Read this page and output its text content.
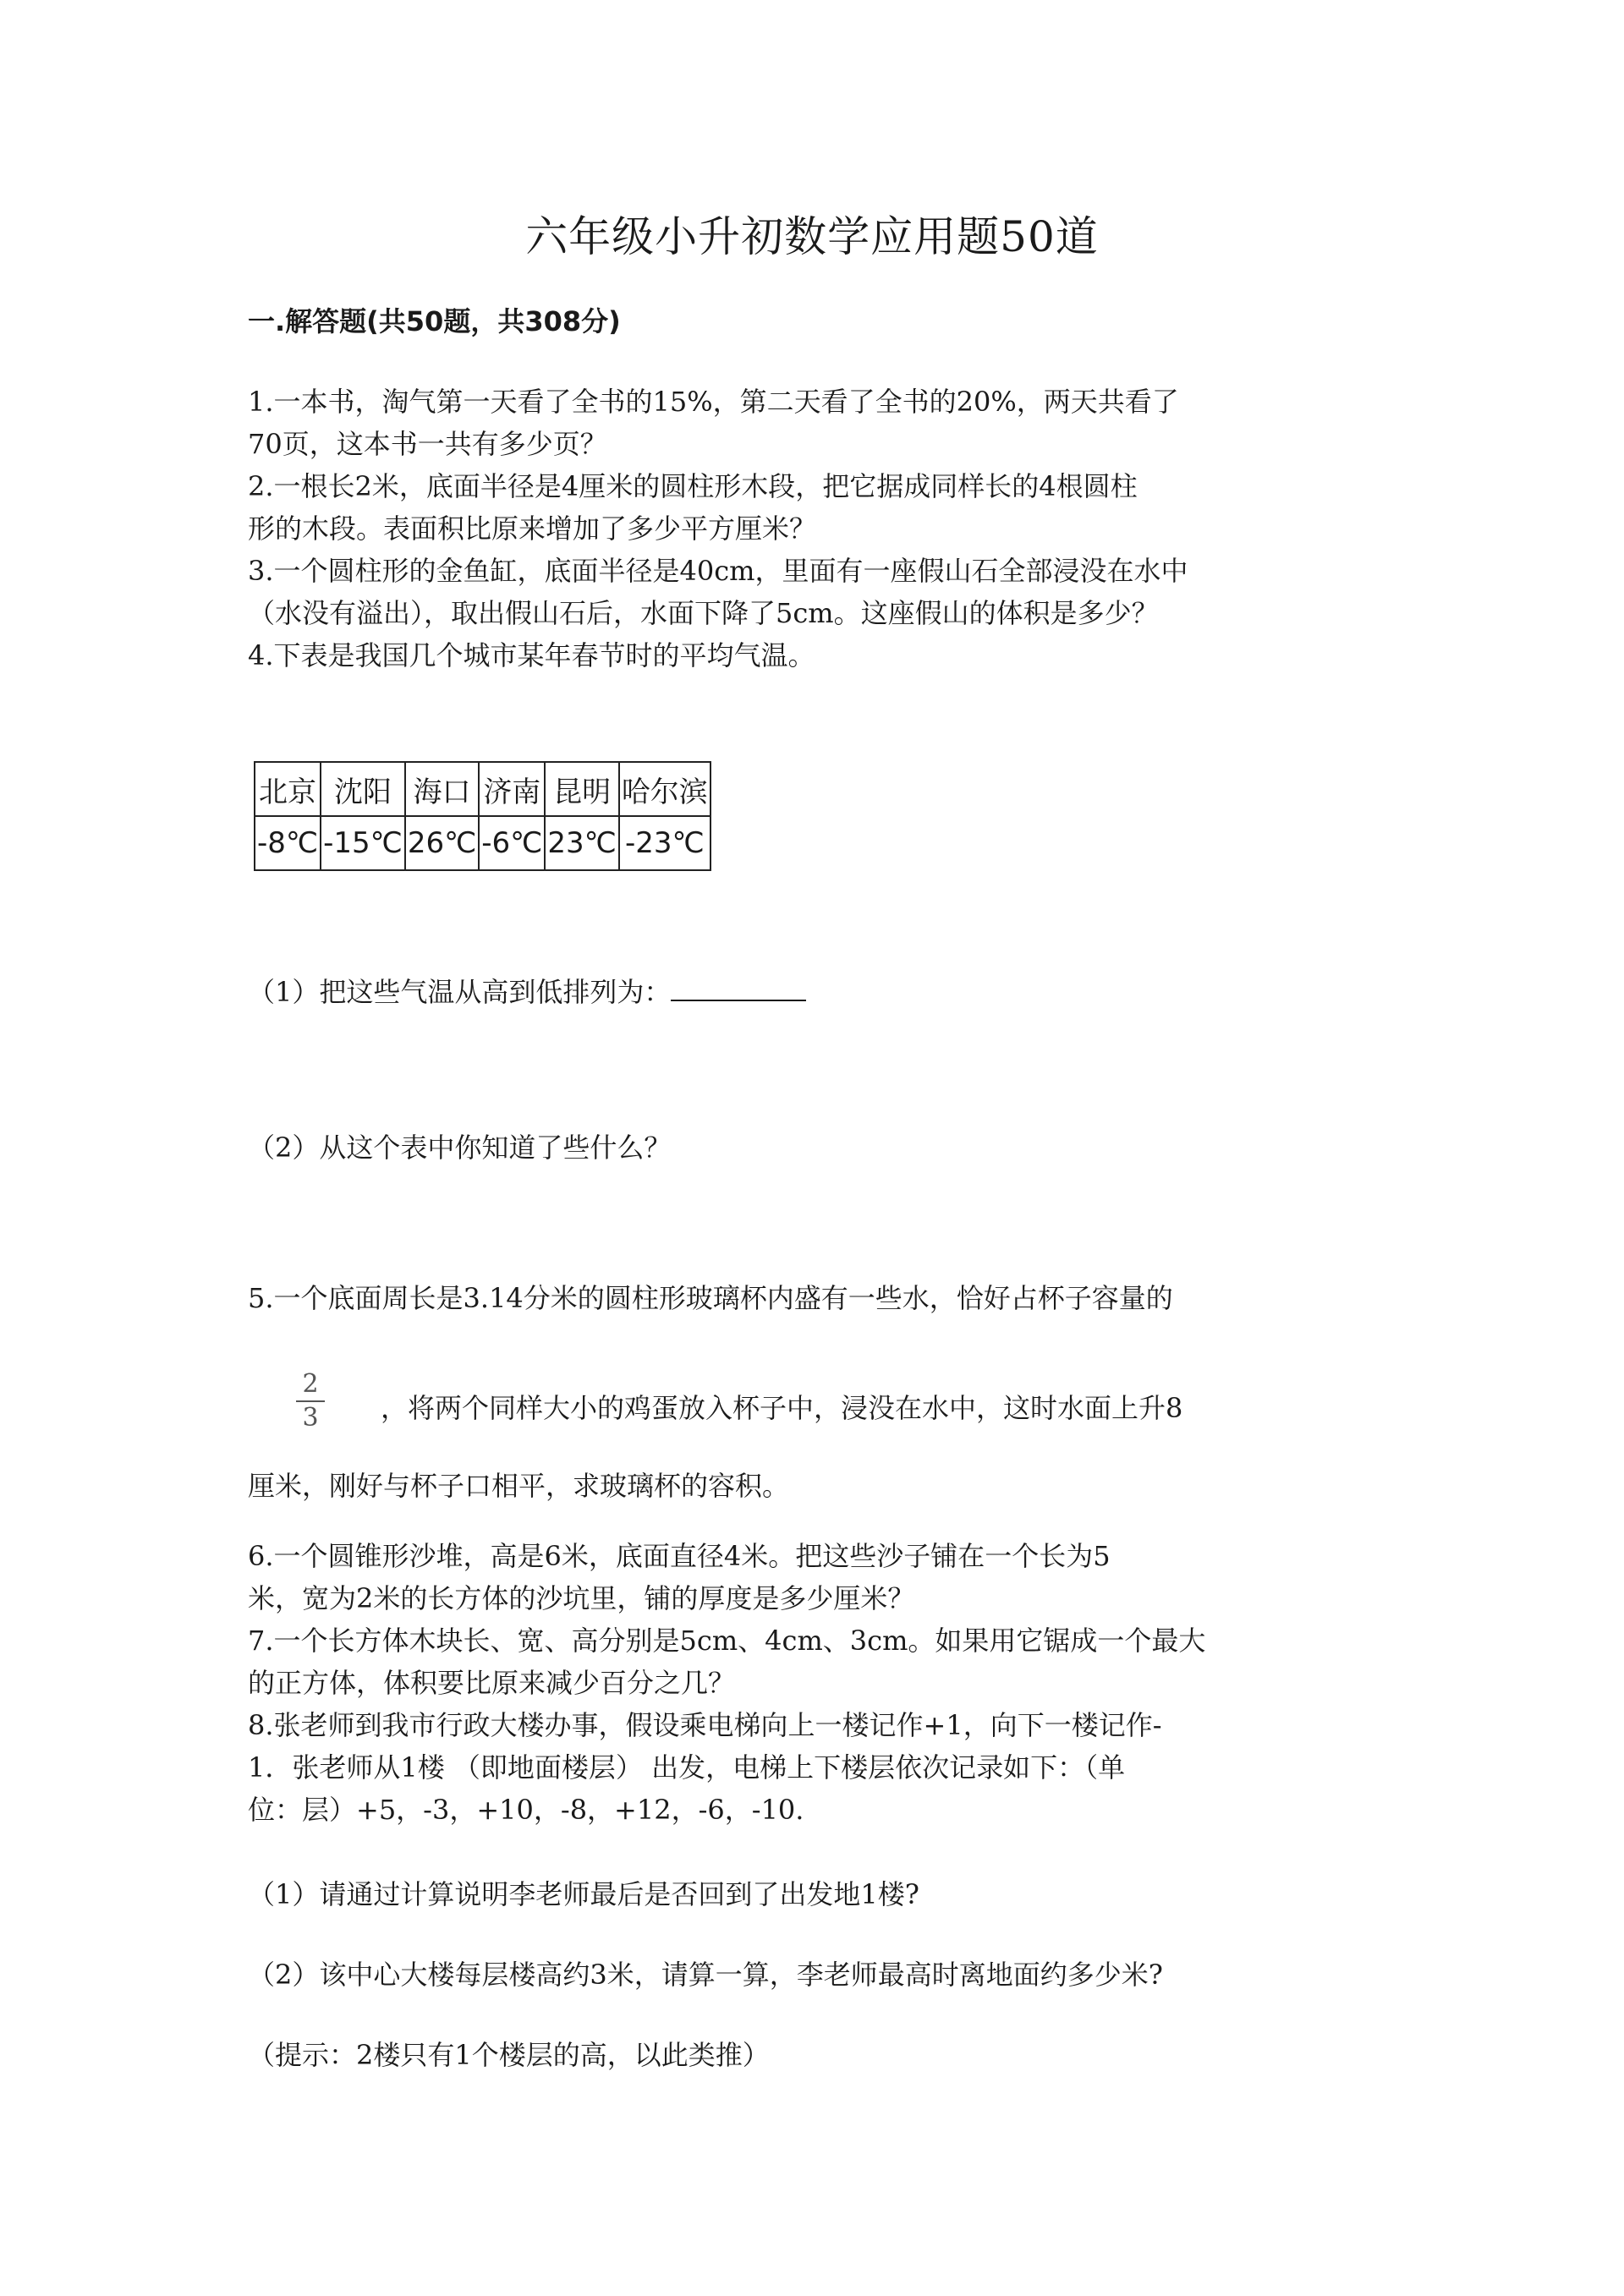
六年级小升初数学应用题50道
一.解答题(共50题，共308分)
1.一本书，淘气第一天看了全书的15%，第二天看了全书的20%，两天共看了
70页，这本书一共有多少页？
2.一根长2米，底面半径是4厘米的圆柱形木段，把它据成同样长的4根圆柱
形的木段。表面积比原来增加了多少平方厘米？
3.一个圆柱形的金鱼缸，底面半径是40cm，里面有一座假山石全部浸没在水中
（水没有溢出），取出假山石后，水面下降了5cm。这座假山的体积是多少？
4.下表是我国几个城市某年春节时的平均气温。
北京	沈阳	海口	济南	昆明	哈尔滨
-8℃	-15℃	26℃	-6℃	23℃	-23℃
（1）把这些气温从高到低排列为：
（2）从这个表中你知道了些什么？
5.一个底面周长是3.14分米的圆柱形玻璃杯内盛有一些水，恰好占杯子容量的
2
3 ，将两个同样大小的鸡蛋放入杯子中，浸没在水中，这时水面上升8
厘米，刚好与杯子口相平，求玻璃杯的容积。
6.一个圆锥形沙堆，高是6米，底面直径4米。把这些沙子铺在一个长为5
米，宽为2米的长方体的沙坑里，铺的厚度是多少厘米？
7.一个长方体木块长、宽、高分别是5cm、4cm、3cm。如果用它锯成一个最大
的正方体，体积要比原来减少百分之几？
8.张老师到我市行政大楼办事，假设乘电梯向上一楼记作+1，向下一楼记作-
1．张老师从1楼 （即地面楼层） 出发，电梯上下楼层依次记录如下：（单
位：层）+5，-3，+10，-8，+12，-6，-10.
（1）请通过计算说明李老师最后是否回到了出发地1楼?
（2）该中心大楼每层楼高约3米，请算一算，李老师最高时离地面约多少米?
（提示：2楼只有1个楼层的高，以此类推）
